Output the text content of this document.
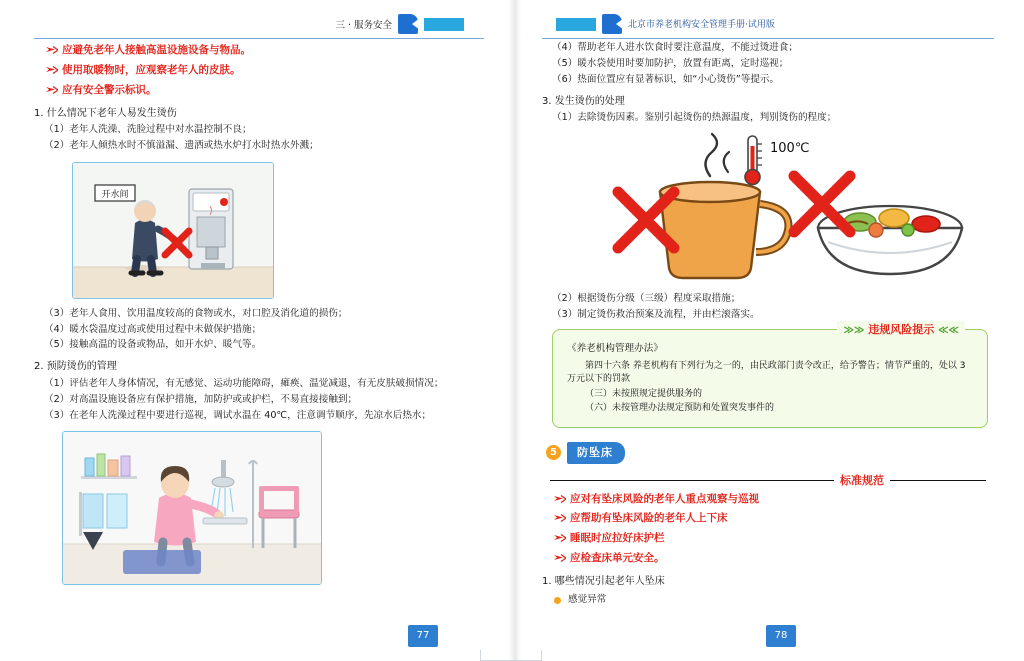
三 · 服务安全
应避免老年人接触高温设施设备与物品。
使用取暖物时，应观察老年人的皮肤。
应有安全警示标识。
1. 什么情况下老年人易发生烫伤
（1）老年人洗澡、洗脸过程中对水温控制不良；
（2）老年人倾热水时不慎溢漏、遗洒或热水炉打水时热水外溅；
开水间
（3）老年人食用、饮用温度较高的食物或水，对口腔及消化道的损伤；
（4）暖水袋温度过高或使用过程中未做保护措施；
（5）接触高温的设备或物品，如开水炉、暖气等。
2. 预防烫伤的管理
（1）评估老年人身体情况，有无感觉、运动功能障碍，瘫痪、温觉减退，有无皮肤破损情况；
（2）对高温设施设备应有保护措施，加防护或或护栏，不易直接接触到；
（3）在老年人洗澡过程中要进行巡视，调试水温在 40℃，注意调节顺序，先凉水后热水；
77
北京市养老机构安全管理手册·试用版
（4）帮助老年人进水饮食时要注意温度，不能过烫进食；
（5）暖水袋使用时要加防护，放置有距离，定时巡视；
（6）热面位置应有显著标识，如“小心烫伤”等提示。
3. 发生烫伤的处理
（1）去除烫伤因素。鉴别引起烫伤的热源温度，判别烫伤的程度；
100℃
（2）根据烫伤分级（三级）程度采取措施；
（3）制定烫伤救治预案及流程，并由栏滚落实。
≫≫ 违规风险提示 ≪≪
《养老机构管理办法》
第四十六条 养老机构有下列行为之一的，由民政部门责令改正，给予警告；情节严重的，处以 3 万元以下的罚款
（三）未按照规定提供服务的
（六）未按管理办法规定预防和处置突发事件的
5	防坠床
标准规范
应对有坠床风险的老年人重点观察与巡视
应帮助有坠床风险的老年人上下床
睡眠时应拉好床护栏
应检查床单元安全。
1. 哪些情况引起老年人坠床
感觉异常
78
